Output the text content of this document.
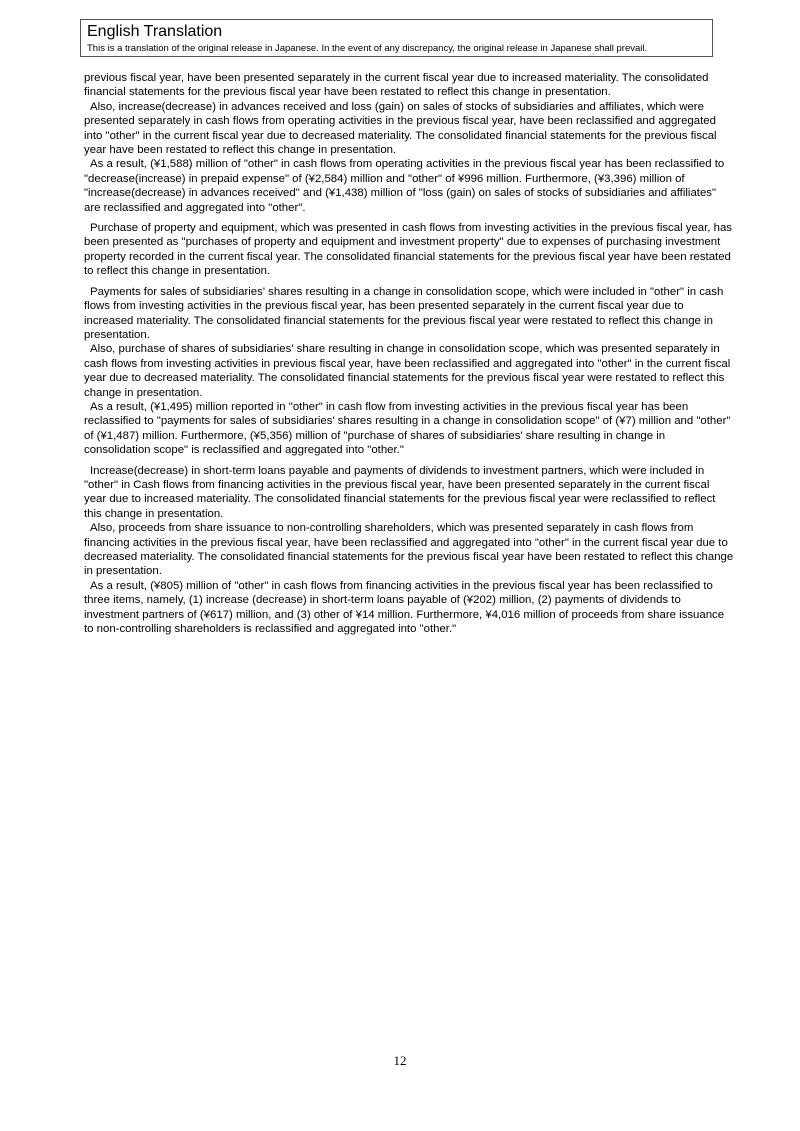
English Translation

This is a translation of the original release in Japanese. In the event of any discrepancy, the original release in Japanese shall prevail.

previous fiscal year, have been presented separately in the current fiscal year due to increased materiality. The consolidated financial statements for the previous fiscal year have been restated to reflect this change in presentation.

Also, increase(decrease) in advances received and loss (gain) on sales of stocks of subsidiaries and affiliates, which were presented separately in cash flows from operating activities in the previous fiscal year, have been reclassified and aggregated into "other" in the current fiscal year due to decreased materiality. The consolidated financial statements for the previous fiscal year have been restated to reflect this change in presentation.

As a result, (¥1,588) million of "other" in cash flows from operating activities in the previous fiscal year has been reclassified to "decrease(increase) in prepaid expense" of (¥2,584) million and "other" of ¥996 million. Furthermore, (¥3,396) million of "increase(decrease) in advances received" and (¥1,438) million of "loss (gain) on sales of stocks of subsidiaries and affiliates" are reclassified and aggregated into "other".

Purchase of property and equipment, which was presented in cash flows from investing activities in the previous fiscal year, has been presented as "purchases of property and equipment and investment property" due to expenses of purchasing investment property recorded in the current fiscal year. The consolidated financial statements for the previous fiscal year have been restated to reflect this change in presentation.

Payments for sales of subsidiaries' shares resulting in a change in consolidation scope, which were included in "other" in cash flows from investing activities in the previous fiscal year, has been presented separately in the current fiscal year due to increased materiality. The consolidated financial statements for the previous fiscal year were restated to reflect this change in presentation.

Also, purchase of shares of subsidiaries' share resulting in change in consolidation scope, which was presented separately in cash flows from investing activities in previous fiscal year, have been reclassified and aggregated into "other" in the current fiscal year due to decreased materiality. The consolidated financial statements for the previous fiscal year were restated to reflect this change in presentation.

As a result, (¥1,495) million reported in "other" in cash flow from investing activities in the previous fiscal year has been reclassified to "payments for sales of subsidiaries' shares resulting in a change in consolidation scope" of (¥7) million and "other" of (¥1,487) million. Furthermore, (¥5,356) million of "purchase of shares of subsidiaries' share resulting in change in consolidation scope" is reclassified and aggregated into "other."

Increase(decrease) in short-term loans payable and payments of dividends to investment partners, which were included in "other" in Cash flows from financing activities in the previous fiscal year, have been presented separately in the current fiscal year due to increased materiality. The consolidated financial statements for the previous fiscal year were reclassified to reflect this change in presentation.

Also, proceeds from share issuance to non-controlling shareholders, which was presented separately in cash flows from financing activities in the previous fiscal year, have been reclassified and aggregated into "other" in the current fiscal year due to decreased materiality. The consolidated financial statements for the previous fiscal year have been restated to reflect this change in presentation.

As a result, (¥805) million of "other" in cash flows from financing activities in the previous fiscal year has been reclassified to three items, namely, (1) increase (decrease) in short-term loans payable of (¥202) million, (2) payments of dividends to investment partners of (¥617) million, and (3) other of ¥14 million. Furthermore, ¥4,016 million of proceeds from share issuance to non-controlling shareholders is reclassified and aggregated into "other."

12
